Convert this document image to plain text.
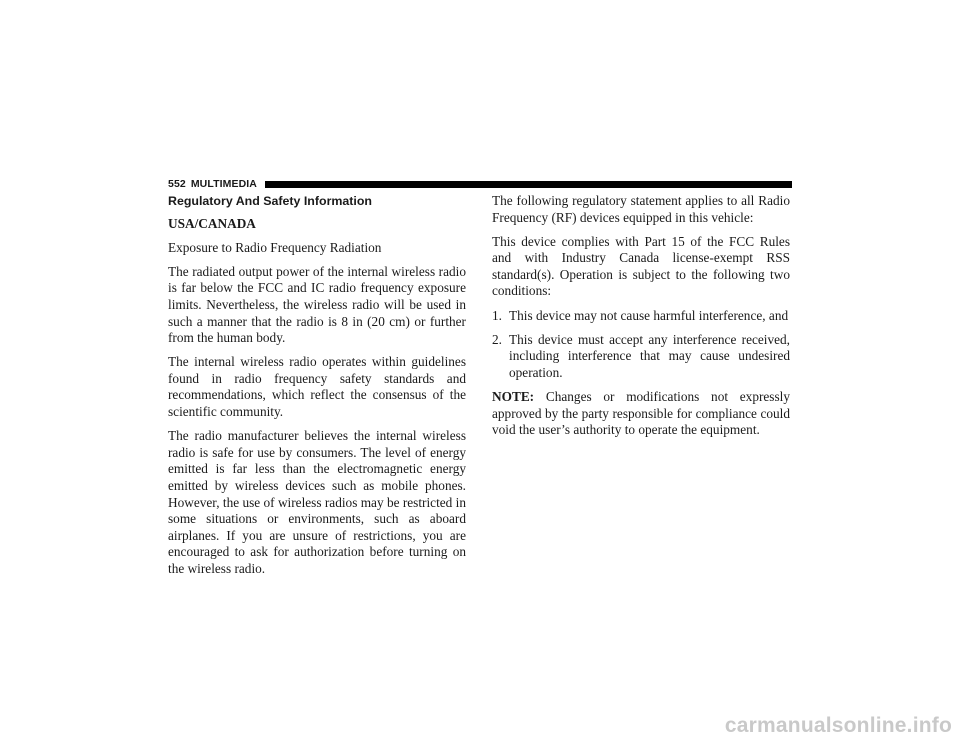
552 MULTIMEDIA
Regulatory And Safety Information
USA/CANADA

Exposure to Radio Frequency Radiation

The radiated output power of the internal wireless radio is far below the FCC and IC radio frequency exposure limits. Nevertheless, the wireless radio will be used in such a manner that the radio is 8 in (20 cm) or further from the human body.

The internal wireless radio operates within guidelines found in radio frequency safety standards and recommendations, which reflect the consensus of the scientific community.

The radio manufacturer believes the internal wireless radio is safe for use by consumers. The level of energy emitted is far less than the electromagnetic energy emitted by wireless devices such as mobile phones. However, the use of wireless radios may be restricted in some situations or environments, such as aboard airplanes. If you are unsure of restrictions, you are encouraged to ask for authorization before turning on the wireless radio.

The following regulatory statement applies to all Radio Frequency (RF) devices equipped in this vehicle:

This device complies with Part 15 of the FCC Rules and with Industry Canada license-exempt RSS standard(s). Operation is subject to the following two conditions:

1. This device may not cause harmful interference, and
2. This device must accept any interference received, including interference that may cause undesired operation.

NOTE: Changes or modifications not expressly approved by the party responsible for compliance could void the user’s authority to operate the equipment.

carmanualsonline.info
